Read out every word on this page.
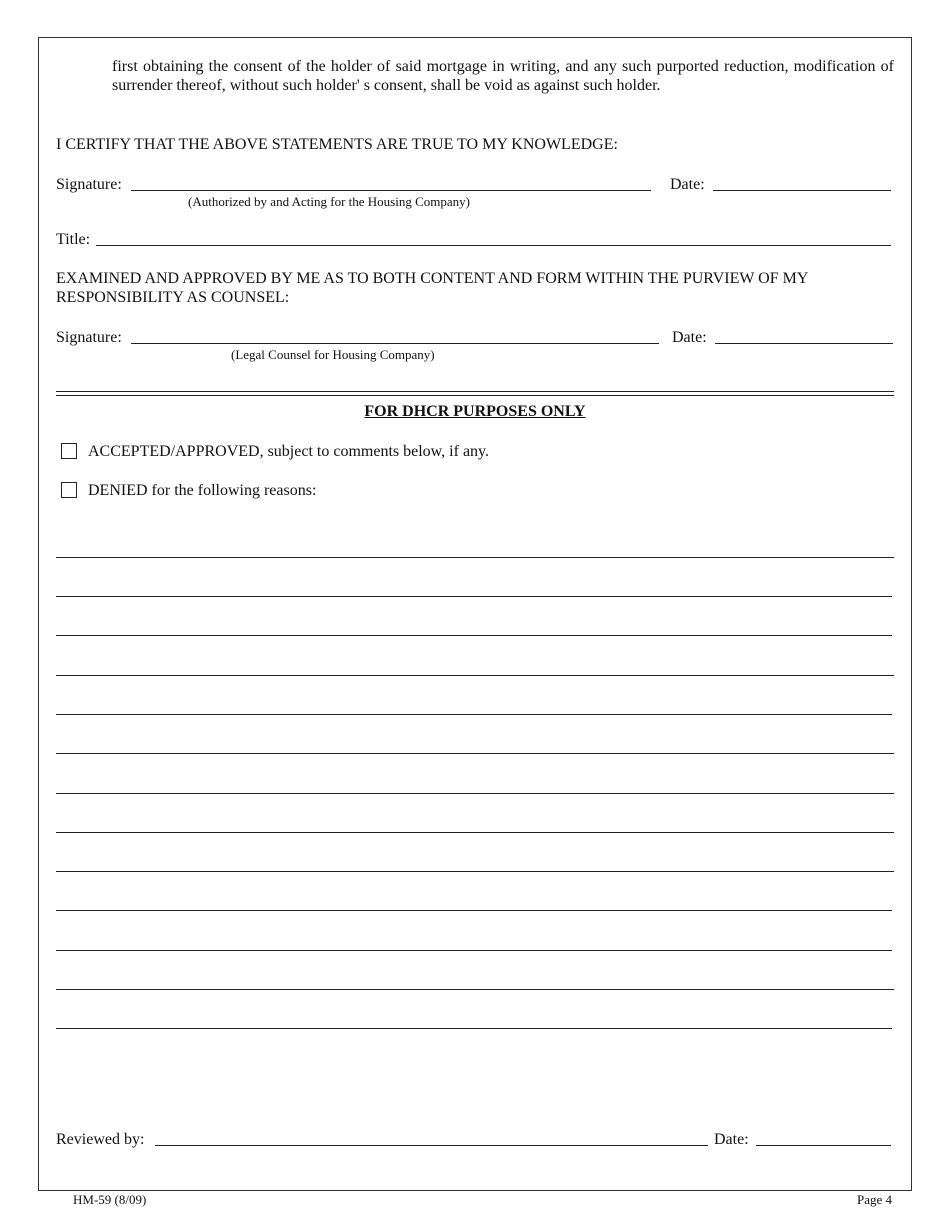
first obtaining the consent of the holder of said mortgage in writing, and any such purported reduction, modification of surrender thereof, without such holder' s consent, shall be void as against such holder.
I CERTIFY THAT THE ABOVE STATEMENTS ARE TRUE TO MY KNOWLEDGE:
Signature:
(Authorized by and Acting for the Housing Company)
Date:
Title:
EXAMINED AND APPROVED BY ME AS TO BOTH CONTENT AND FORM WITHIN THE PURVIEW OF MY RESPONSIBILITY AS COUNSEL:
Signature:
(Legal Counsel for Housing Company)
Date:
FOR DHCR PURPOSES ONLY
ACCEPTED/APPROVED, subject to comments below, if any.
DENIED for the following reasons:
Reviewed by:	Date:
HM-59 (8/09)	Page 4
